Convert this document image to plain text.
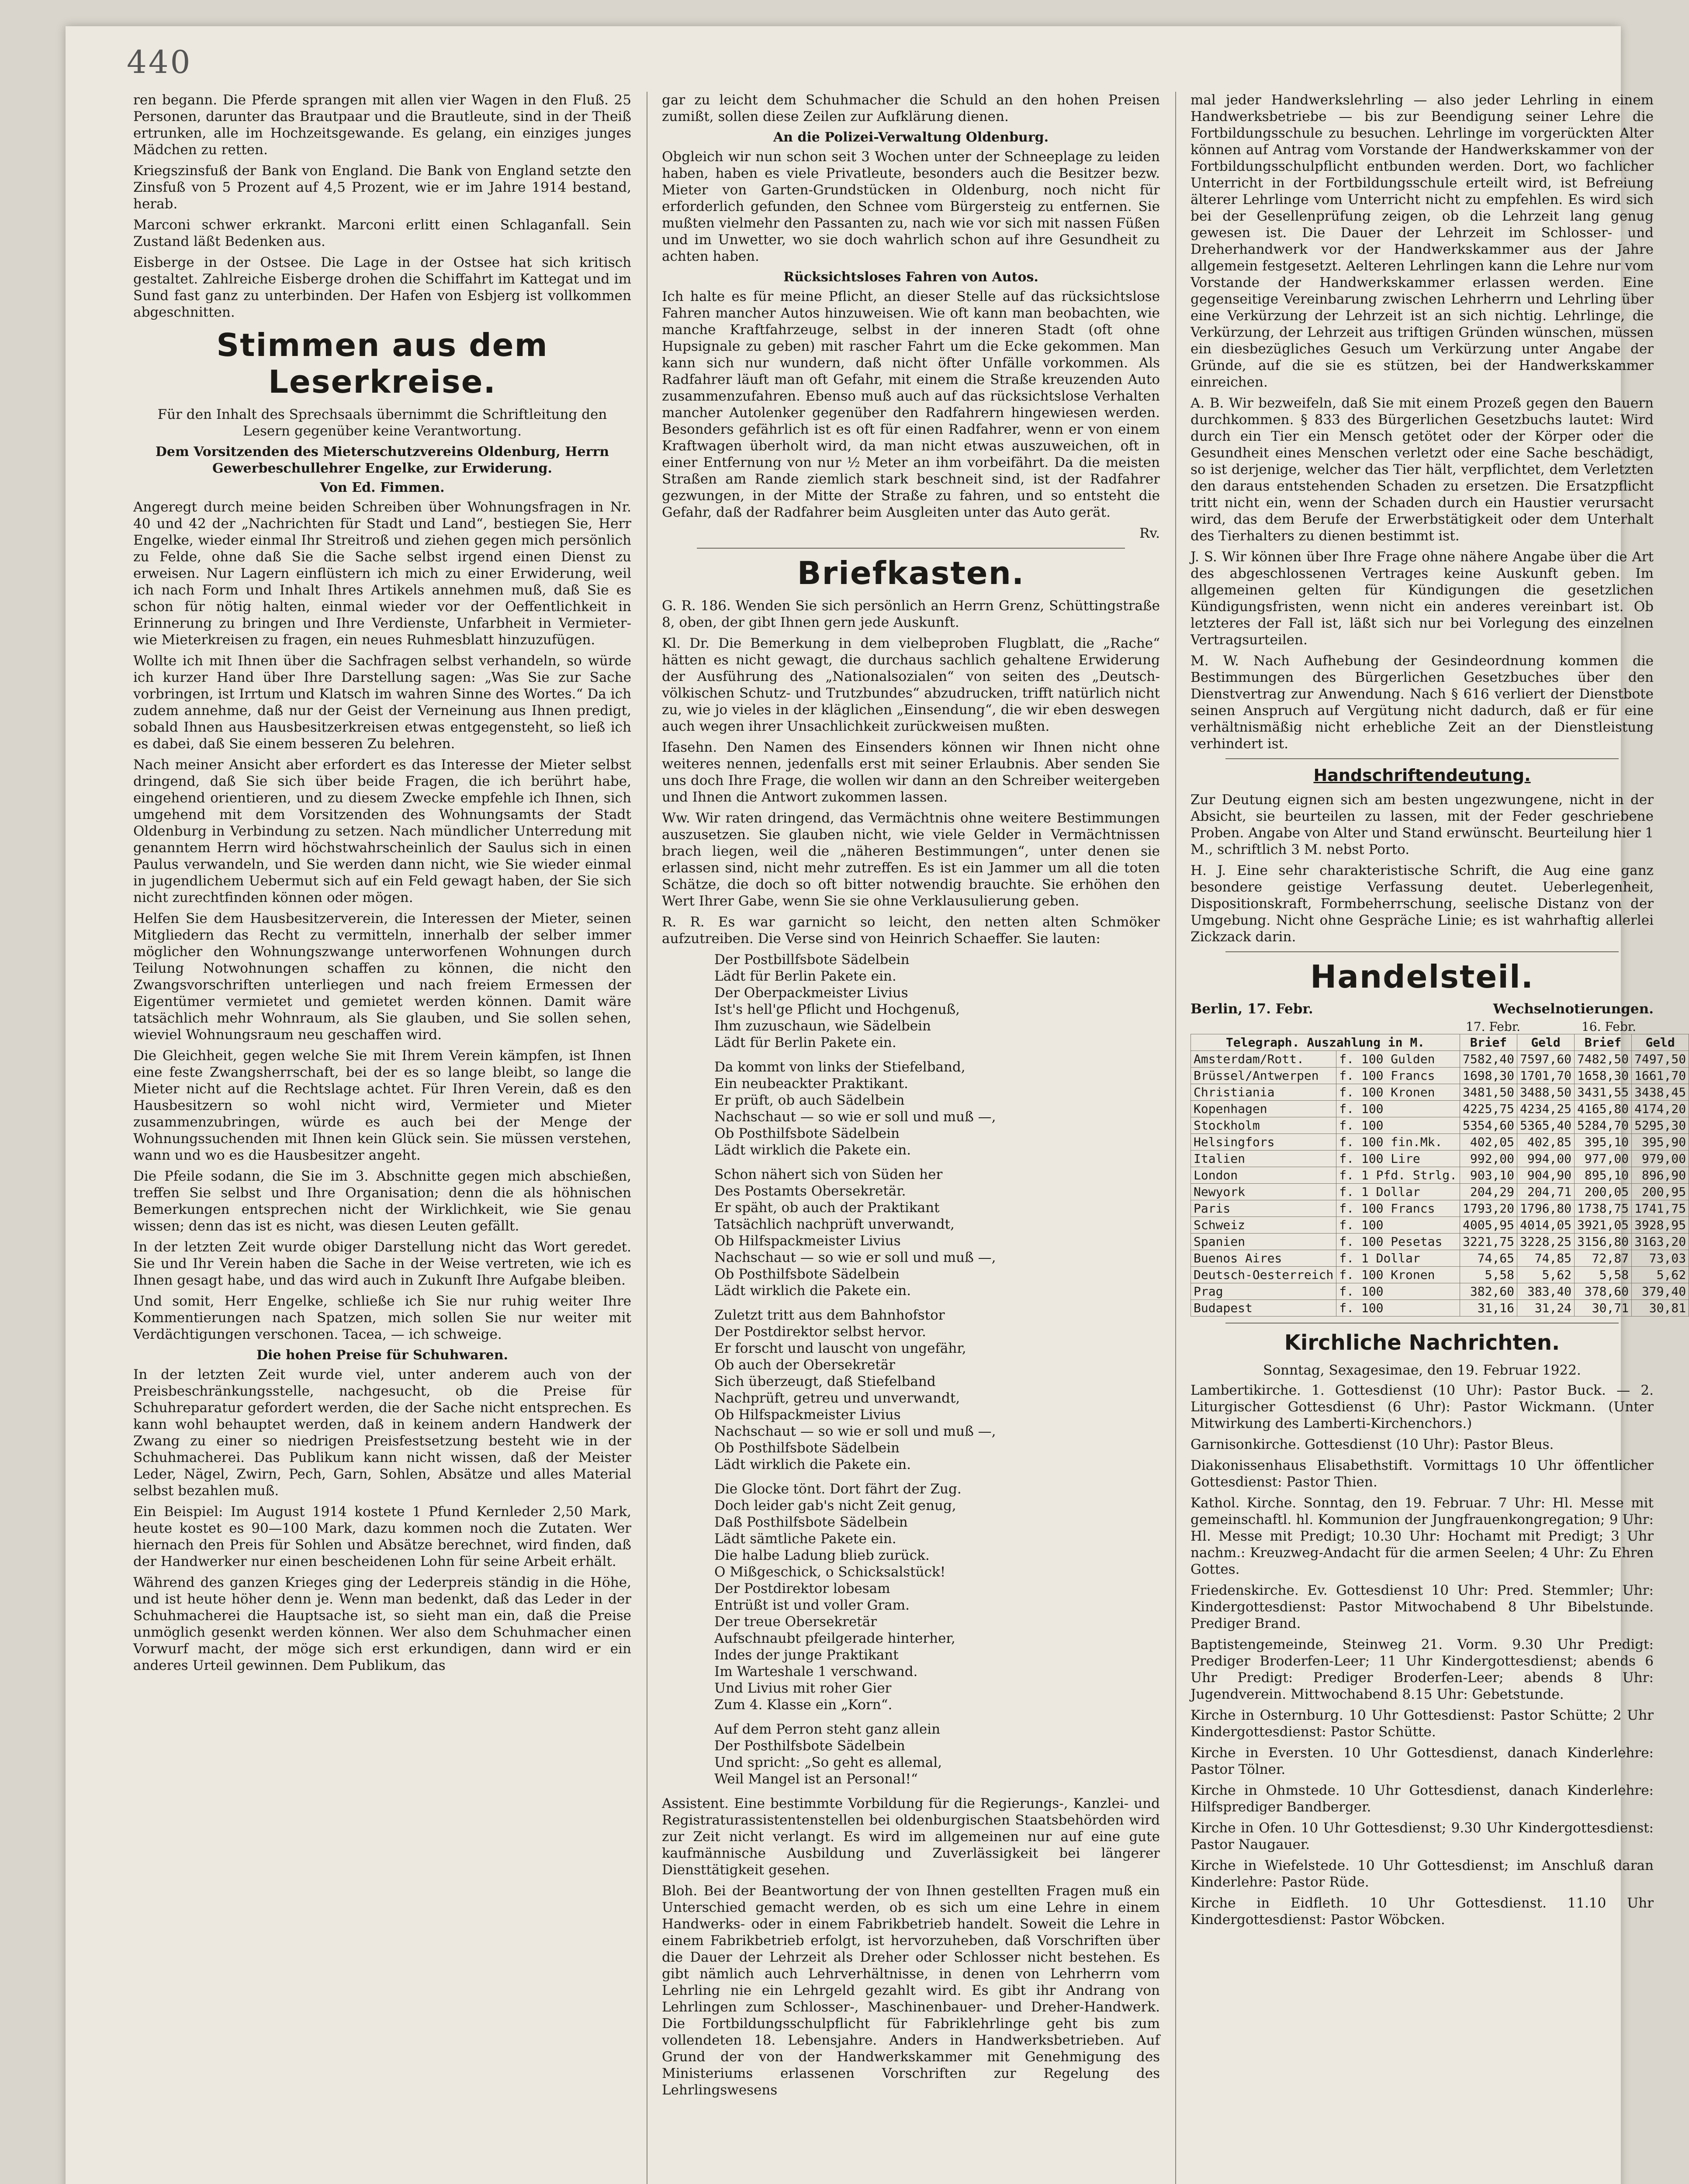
440

ren begann. Die Pferde sprangen mit allen vier Wagen in den Fluß. 25 Personen, darunter das Brautpaar und die Brautleute, sind in der Theiß ertrunken, alle im Hochzeitsgewande. Es gelang, ein einziges junges Mädchen zu retten.

Kriegszinsfuß der Bank von England. Die Bank von England setzte den Zinsfuß von 5 Prozent auf 4,5 Prozent, wie er im Jahre 1914 bestand, herab.

Marconi schwer erkrankt. Marconi erlitt einen Schlaganfall. Sein Zustand läßt Bedenken aus.

Eisberge in der Ostsee. Die Lage in der Ostsee hat sich kritisch gestaltet. Zahlreiche Eisberge drohen die Schiffahrt im Kattegat und im Sund fast ganz zu unterbinden. Der Hafen von Esbjerg ist vollkommen abgeschnitten.

Stimmen aus dem Leserkreise.

Für den Inhalt des Sprechsaals übernimmt die Schriftleitung den Lesern gegenüber keine Verantwortung.

Dem Vorsitzenden des Mieterschutzvereins Oldenburg, Herrn Gewerbeschullehrer Engelke, zur Erwiderung.
Von Ed. Fimmen.

Angeregt durch meine beiden Schreiben über Wohnungsfragen in Nr. 40 und 42 der „Nachrichten für Stadt und Land“, bestiegen Sie, Herr Engelke, wieder einmal Ihr Streitroß und ziehen gegen mich persönlich zu Felde, ohne daß Sie die Sache selbst irgend einen Dienst zu erweisen. Nur Lagern einflüstern ich mich zu einer Erwiderung, weil ich nach Form und Inhalt Ihres Artikels annehmen muß, daß Sie es schon für nötig halten, einmal wieder vor der Oeffentlichkeit in Erinnerung zu bringen und Ihre Verdienste, Unfarbheit in Vermieter- wie Mieterkreisen zu fragen, ein neues Ruhmesblatt hinzuzufügen.

Wollte ich mit Ihnen über die Sachfragen selbst verhandeln, so würde ich kurzer Hand über Ihre Darstellung sagen: „Was Sie zur Sache vorbringen, ist Irrtum und Klatsch im wahren Sinne des Wortes.“ Da ich zudem annehme, daß nur der Geist der Verneinung aus Ihnen predigt, sobald Ihnen aus Hausbesitzerkreisen etwas entgegensteht, so ließ ich es dabei, daß Sie einem besseren Zu belehren.

Nach meiner Ansicht aber erfordert es das Interesse der Mieter selbst dringend, daß Sie sich über beide Fragen, die ich berührt habe, eingehend orientieren, und zu diesem Zwecke empfehle ich Ihnen, sich umgehend mit dem Vorsitzenden des Wohnungsamts der Stadt Oldenburg in Verbindung zu setzen. Nach mündlicher Unterredung mit genanntem Herrn wird höchstwahrscheinlich der Saulus sich in einen Paulus verwandeln, und Sie werden dann nicht, wie Sie wieder einmal in jugendlichem Uebermut sich auf ein Feld gewagt haben, der Sie sich nicht zurechtfinden können oder mögen.

Helfen Sie dem Hausbesitzerverein, die Interessen der Mieter, seinen Mitgliedern das Recht zu vermitteln, innerhalb der selber immer möglicher den Wohnungszwange unterworfenen Wohnungen durch Teilung Notwohnungen schaffen zu können, die nicht den Zwangsvorschriften unterliegen und nach freiem Ermessen der Eigentümer vermietet und gemietet werden können. Damit wäre tatsächlich mehr Wohnraum, als Sie glauben, und Sie sollen sehen, wieviel Wohnungsraum neu geschaffen wird.

Die Gleichheit, gegen welche Sie mit Ihrem Verein kämpfen, ist Ihnen eine feste Zwangsherrschaft, bei der es so lange bleibt, so lange die Mieter nicht auf die Rechtslage achtet. Für Ihren Verein, daß es den Hausbesitzern so wohl nicht wird, Vermieter und Mieter zusammenzubringen, würde es auch bei der Menge der Wohnungssuchenden mit Ihnen kein Glück sein. Sie müssen verstehen, wann und wo es die Hausbesitzer angeht.

Die Pfeile sodann, die Sie im 3. Abschnitte gegen mich abschießen, treffen Sie selbst und Ihre Organisation; denn die als höhnischen Bemerkungen entsprechen nicht der Wirklichkeit, wie Sie genau wissen; denn das ist es nicht, was diesen Leuten gefällt.

In der letzten Zeit wurde obiger Darstellung nicht das Wort geredet. Sie und Ihr Verein haben die Sache in der Weise vertreten, wie ich es Ihnen gesagt habe, und das wird auch in Zukunft Ihre Aufgabe bleiben.

Und somit, Herr Engelke, schließe ich Sie nur ruhig weiter Ihre Kommentierungen nach Spatzen, mich sollen Sie nur weiter mit Verdächtigungen verschonen. Tacea, — ich schweige.

Die hohen Preise für Schuhwaren.

In der letzten Zeit wurde viel, unter anderem auch von der Preisbeschränkungsstelle, nachgesucht, ob die Preise für Schuhreparatur gefordert werden, die der Sache nicht entsprechen. Es kann wohl behauptet werden, daß in keinem andern Handwerk der Zwang zu einer so niedrigen Preisfestsetzung besteht wie in der Schuhmacherei. Das Publikum kann nicht wissen, daß der Meister Leder, Nägel, Zwirn, Pech, Garn, Sohlen, Absätze und alles Material selbst bezahlen muß.

Ein Beispiel: Im August 1914 kostete 1 Pfund Kernleder 2,50 Mark, heute kostet es 90—100 Mark, dazu kommen noch die Zutaten. Wer hiernach den Preis für Sohlen und Absätze berechnet, wird finden, daß der Handwerker nur einen bescheidenen Lohn für seine Arbeit erhält.

Während des ganzen Krieges ging der Lederpreis ständig in die Höhe, und ist heute höher denn je. Wenn man bedenkt, daß das Leder in der Schuhmacherei die Hauptsache ist, so sieht man ein, daß die Preise unmöglich gesenkt werden können. Wer also dem Schuhmacher einen Vorwurf macht, der möge sich erst erkundigen, dann wird er ein anderes Urteil gewinnen. Dem Publikum, das

gar zu leicht dem Schuhmacher die Schuld an den hohen Preisen zumißt, sollen diese Zeilen zur Aufklärung dienen.

An die Polizei-Verwaltung Oldenburg.

Obgleich wir nun schon seit 3 Wochen unter der Schneeplage zu leiden haben, haben es viele Privatleute, besonders auch die Besitzer bezw. Mieter von Garten-Grundstücken in Oldenburg, noch nicht für erforderlich gefunden, den Schnee vom Bürgersteig zu entfernen. Sie mußten vielmehr den Passanten zu, nach wie vor sich mit nassen Füßen und im Unwetter, wo sie doch wahrlich schon auf ihre Gesundheit zu achten haben.

Rücksichtsloses Fahren von Autos.

Ich halte es für meine Pflicht, an dieser Stelle auf das rücksichtslose Fahren mancher Autos hinzuweisen. Wie oft kann man beobachten, wie manche Kraftfahrzeuge, selbst in der inneren Stadt (oft ohne Hupsignale zu geben) mit rascher Fahrt um die Ecke gekommen. Man kann sich nur wundern, daß nicht öfter Unfälle vorkommen. Als Radfahrer läuft man oft Gefahr, mit einem die Straße kreuzenden Auto zusammenzufahren. Ebenso muß auch auf das rücksichtslose Verhalten mancher Autolenker gegenüber den Radfahrern hingewiesen werden. Besonders gefährlich ist es oft für einen Radfahrer, wenn er von einem Kraftwagen überholt wird, da man nicht etwas auszuweichen, oft in einer Entfernung von nur ½ Meter an ihm vorbeifährt. Da die meisten Straßen am Rande ziemlich stark beschneit sind, ist der Radfahrer gezwungen, in der Mitte der Straße zu fahren, und so entsteht die Gefahr, daß der Radfahrer beim Ausgleiten unter das Auto gerät.

Rv.

Briefkasten.

G. R. 186. Wenden Sie sich persönlich an Herrn Grenz, Schüttingstraße 8, oben, der gibt Ihnen gern jede Auskunft.

Kl. Dr. Die Bemerkung in dem vielbeproben Flugblatt, die „Rache“ hätten es nicht gewagt, die durchaus sachlich gehaltene Erwiderung der Ausführung des „Nationalsozialen“ von seiten des „Deutsch-völkischen Schutz- und Trutzbundes“ abzudrucken, trifft natürlich nicht zu, wie jo vieles in der kläglichen „Einsendung“, die wir eben deswegen auch wegen ihrer Unsachlichkeit zurückweisen mußten.

Ifasehn. Den Namen des Einsenders können wir Ihnen nicht ohne weiteres nennen, jedenfalls erst mit seiner Erlaubnis. Aber senden Sie uns doch Ihre Frage, die wollen wir dann an den Schreiber weitergeben und Ihnen die Antwort zukommen lassen.

Ww. Wir raten dringend, das Vermächtnis ohne weitere Bestimmungen auszusetzen. Sie glauben nicht, wie viele Gelder in Vermächtnissen brach liegen, weil die „näheren Bestimmungen“, unter denen sie erlassen sind, nicht mehr zutreffen. Es ist ein Jammer um all die toten Schätze, die doch so oft bitter notwendig brauchte. Sie erhöhen den Wert Ihrer Gabe, wenn Sie sie ohne Verklausulierung geben.

R. R. Es war garnicht so leicht, den netten alten Schmöker aufzutreiben. Die Verse sind von Heinrich Schaeffer. Sie lauten:

Der Postbillfsbote Sädelbein

Lädt für Berlin Pakete ein.

Der Oberpackmeister Livius

Ist's hell'ge Pflicht und Hochgenuß,

Ihm zuzuschaun, wie Sädelbein

Lädt für Berlin Pakete ein.

Da kommt von links der Stiefelband,

Ein neubeackter Praktikant.

Er prüft, ob auch Sädelbein

Nachschaut — so wie er soll und muß —,

Ob Posthilfsbote Sädelbein

Lädt wirklich die Pakete ein.

Schon nähert sich von Süden her

Des Postamts Obersekretär.

Er späht, ob auch der Praktikant

Tatsächlich nachprüft unverwandt,

Ob Hilfspackmeister Livius

Nachschaut — so wie er soll und muß —,

Ob Posthilfsbote Sädelbein

Lädt wirklich die Pakete ein.

Zuletzt tritt aus dem Bahnhofstor

Der Postdirektor selbst hervor.

Er forscht und lauscht von ungefähr,

Ob auch der Obersekretär

Sich überzeugt, daß Stiefelband

Nachprüft, getreu und unverwandt,

Ob Hilfspackmeister Livius

Nachschaut — so wie er soll und muß —,

Ob Posthilfsbote Sädelbein

Lädt wirklich die Pakete ein.

Die Glocke tönt. Dort fährt der Zug.

Doch leider gab's nicht Zeit genug,

Daß Posthilfsbote Sädelbein

Lädt sämtliche Pakete ein.

Die halbe Ladung blieb zurück.

O Mißgeschick, o Schicksalstück!

Der Postdirektor lobesam

Entrüßt ist und voller Gram.

Der treue Obersekretär

Aufschnaubt pfeilgerade hinterher,

Indes der junge Praktikant

Im Warteshale 1 verschwand.

Und Livius mit roher Gier

Zum 4. Klasse ein „Korn“.

Auf dem Perron steht ganz allein

Der Posthilfsbote Sädelbein

Und spricht: „So geht es allemal,

Weil Mangel ist an Personal!“

Assistent. Eine bestimmte Vorbildung für die Regierungs-, Kanzlei- und Registraturassistentenstellen bei oldenburgischen Staatsbehörden wird zur Zeit nicht verlangt. Es wird im allgemeinen nur auf eine gute kaufmännische Ausbildung und Zuverlässigkeit bei längerer Diensttätigkeit gesehen.

Bloh. Bei der Beantwortung der von Ihnen gestellten Fragen muß ein Unterschied gemacht werden, ob es sich um eine Lehre in einem Handwerks- oder in einem Fabrikbetrieb handelt. Soweit die Lehre in einem Fabrikbetrieb erfolgt, ist hervorzuheben, daß Vorschriften über die Dauer der Lehrzeit als Dreher oder Schlosser nicht bestehen. Es gibt nämlich auch Lehrverhältnisse, in denen von Lehrherrn vom Lehrling nie ein Lehrgeld gezahlt wird. Es gibt ihr Andrang von Lehrlingen zum Schlosser-, Maschinenbauer- und Dreher-Handwerk. Die Fortbildungsschulpflicht für Fabriklehrlinge geht bis zum vollendeten 18. Lebensjahre. Anders in Handwerksbetrieben. Auf Grund der von der Handwerkskammer mit Genehmigung des Ministeriums erlassenen Vorschriften zur Regelung des Lehrlingswesens

mal jeder Handwerkslehrling — also jeder Lehrling in einem Handwerksbetriebe — bis zur Beendigung seiner Lehre die Fortbildungsschule zu besuchen. Lehrlinge im vorgerückten Alter können auf Antrag vom Vorstande der Handwerkskammer von der Fortbildungsschulpflicht entbunden werden. Dort, wo fachlicher Unterricht in der Fortbildungsschule erteilt wird, ist Befreiung älterer Lehrlinge vom Unterricht nicht zu empfehlen. Es wird sich bei der Gesellenprüfung zeigen, ob die Lehrzeit lang genug gewesen ist. Die Dauer der Lehrzeit im Schlosser- und Dreherhandwerk vor der Handwerkskammer aus der Jahre allgemein festgesetzt. Aelteren Lehrlingen kann die Lehre nur vom Vorstande der Handwerkskammer erlassen werden. Eine gegenseitige Vereinbarung zwischen Lehrherrn und Lehrling über eine Verkürzung der Lehrzeit ist an sich nichtig. Lehrlinge, die Verkürzung, der Lehrzeit aus triftigen Gründen wünschen, müssen ein diesbezügliches Gesuch um Verkürzung unter Angabe der Gründe, auf die sie es stützen, bei der Handwerkskammer einreichen.

A. B. Wir bezweifeln, daß Sie mit einem Prozeß gegen den Bauern durchkommen. § 833 des Bürgerlichen Gesetzbuchs lautet: Wird durch ein Tier ein Mensch getötet oder der Körper oder die Gesundheit eines Menschen verletzt oder eine Sache beschädigt, so ist derjenige, welcher das Tier hält, verpflichtet, dem Verletzten den daraus entstehenden Schaden zu ersetzen. Die Ersatzpflicht tritt nicht ein, wenn der Schaden durch ein Haustier verursacht wird, das dem Berufe der Erwerbstätigkeit oder dem Unterhalt des Tierhalters zu dienen bestimmt ist.

J. S. Wir können über Ihre Frage ohne nähere Angabe über die Art des abgeschlossenen Vertrages keine Auskunft geben. Im allgemeinen gelten für Kündigungen die gesetzlichen Kündigungsfristen, wenn nicht ein anderes vereinbart ist. Ob letzteres der Fall ist, läßt sich nur bei Vorlegung des einzelnen Vertragsurteilen.

M. W. Nach Aufhebung der Gesindeordnung kommen die Bestimmungen des Bürgerlichen Gesetzbuches über den Dienstvertrag zur Anwendung. Nach § 616 verliert der Dienstbote seinen Anspruch auf Vergütung nicht dadurch, daß er für eine verhältnismäßig nicht erhebliche Zeit an der Dienstleistung verhindert ist.

Handschriftendeutung.

Zur Deutung eignen sich am besten ungezwungene, nicht in der Absicht, sie beurteilen zu lassen, mit der Feder geschriebene Proben. Angabe von Alter und Stand erwünscht. Beurteilung hier 1 M., schriftlich 3 M. nebst Porto.

H. J. Eine sehr charakteristische Schrift, die Aug eine ganz besondere geistige Verfassung deutet. Ueberlegenheit, Dispositionskraft, Formbeherrschung, seelische Distanz von der Umgebung. Nicht ohne Gespräche Linie; es ist wahrhaftig allerlei Zickzack darin.

Handelsteil.
Berlin, 17. Febr.	Wechselnotierungen.
17. Febr.	16. Febr.
Telegraph. Auszahlung in M.		Brief	Geld	Brief	Geld
Amsterdam/Rott.	f. 100 Gulden	7582,40	7597,60	7482,50	7497,50
Brüssel/Antwerpen	f. 100 Francs	1698,30	1701,70	1658,30	1661,70
Christiania	f. 100 Kronen	3481,50	3488,50	3431,55	3438,45
Kopenhagen	f. 100	4225,75	4234,25	4165,80	4174,20
Stockholm	f. 100	5354,60	5365,40	5284,70	5295,30
Helsingfors	f. 100 fin.Mk.	402,05	402,85	395,10	395,90
Italien	f. 100 Lire	992,00	994,00	977,00	979,00
London	f. 1 Pfd. Strlg.	903,10	904,90	895,10	896,90
Newyork	f. 1 Dollar	204,29	204,71	200,05	200,95
Paris	f. 100 Francs	1793,20	1796,80	1738,75	1741,75
Schweiz	f. 100	4005,95	4014,05	3921,05	3928,95
Spanien	f. 100 Pesetas	3221,75	3228,25	3156,80	3163,20
Buenos Aires	f. 1 Dollar	74,65	74,85	72,87	73,03
Deutsch-Oesterreich	f. 100 Kronen	5,58	5,62	5,58	5,62
Prag	f. 100	382,60	383,40	378,60	379,40
Budapest	f. 100	31,16	31,24	30,71	30,81
Kirchliche Nachrichten.
Sonntag, Sexagesimae, den 19. Februar 1922.

Lambertikirche. 1. Gottesdienst (10 Uhr): Pastor Buck. — 2. Liturgischer Gottesdienst (6 Uhr): Pastor Wickmann. (Unter Mitwirkung des Lamberti-Kirchenchors.)

Garnisonkirche. Gottesdienst (10 Uhr): Pastor Bleus.

Diakonissenhaus Elisabethstift. Vormittags 10 Uhr öffentlicher Gottesdienst: Pastor Thien.

Kathol. Kirche. Sonntag, den 19. Februar. 7 Uhr: Hl. Messe mit gemeinschaftl. hl. Kommunion der Jungfrauenkongregation; 9 Uhr: Hl. Messe mit Predigt; 10.30 Uhr: Hochamt mit Predigt; 3 Uhr nachm.: Kreuzweg-Andacht für die armen Seelen; 4 Uhr: Zu Ehren Gottes.

Friedenskirche. Ev. Gottesdienst 10 Uhr: Pred. Stemmler; Uhr: Kindergottesdienst: Pastor Mitwochabend 8 Uhr Bibelstunde. Prediger Brand.

Baptistengemeinde, Steinweg 21. Vorm. 9.30 Uhr Predigt: Prediger Broderfen-Leer; 11 Uhr Kindergottesdienst; abends 6 Uhr Predigt: Prediger Broderfen-Leer; abends 8 Uhr: Jugendverein. Mittwochabend 8.15 Uhr: Gebetstunde.

Kirche in Osternburg. 10 Uhr Gottesdienst: Pastor Schütte; 2 Uhr Kindergottesdienst: Pastor Schütte.

Kirche in Eversten. 10 Uhr Gottesdienst, danach Kinderlehre: Pastor Tölner.

Kirche in Ohmstede. 10 Uhr Gottesdienst, danach Kinderlehre: Hilfsprediger Bandberger.

Kirche in Ofen. 10 Uhr Gottesdienst; 9.30 Uhr Kindergottesdienst: Pastor Naugauer.

Kirche in Wiefelstede. 10 Uhr Gottesdienst; im Anschluß daran Kinderlehre: Pastor Rüde.

Kirche in Eidfleth. 10 Uhr Gottesdienst. 11.10 Uhr Kindergottesdienst: Pastor Wöbcken.
